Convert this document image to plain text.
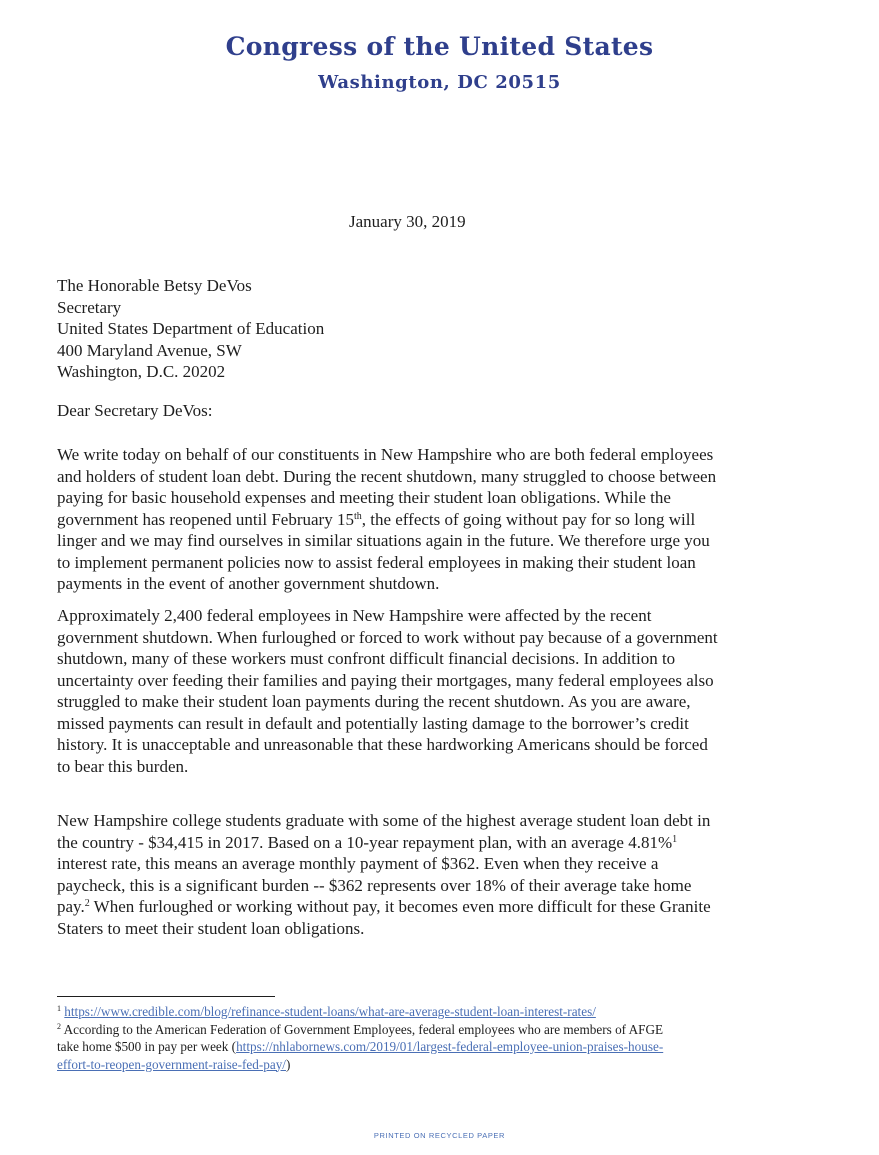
Congress of the United States
Washington, DC 20515
January 30, 2019
The Honorable Betsy DeVos
Secretary
United States Department of Education
400 Maryland Avenue, SW
Washington, D.C. 20202
Dear Secretary DeVos:
We write today on behalf of our constituents in New Hampshire who are both federal employees
and holders of student loan debt. During the recent shutdown, many struggled to choose between
paying for basic household expenses and meeting their student loan obligations. While the
government has reopened until February 15th, the effects of going without pay for so long will
linger and we may find ourselves in similar situations again in the future. We therefore urge you
to implement permanent policies now to assist federal employees in making their student loan
payments in the event of another government shutdown.
Approximately 2,400 federal employees in New Hampshire were affected by the recent
government shutdown. When furloughed or forced to work without pay because of a government
shutdown, many of these workers must confront difficult financial decisions. In addition to
uncertainty over feeding their families and paying their mortgages, many federal employees also
struggled to make their student loan payments during the recent shutdown. As you are aware,
missed payments can result in default and potentially lasting damage to the borrower’s credit
history. It is unacceptable and unreasonable that these hardworking Americans should be forced
to bear this burden.
New Hampshire college students graduate with some of the highest average student loan debt in
the country - $34,415 in 2017. Based on a 10-year repayment plan, with an average 4.81%$^1$
interest rate, this means an average monthly payment of $362. Even when they receive a
paycheck, this is a significant burden -- $362 represents over 18% of their average take home
pay.$^2$ When furloughed or working without pay, it becomes even more difficult for these Granite
Staters to meet their student loan obligations.
$^1$ https://www.credible.com/blog/refinance-student-loans/what-are-average-student-loan-interest-rates/
$^2$ According to the American Federation of Government Employees, federal employees who are members of AFGE
take home $500 in pay per week (https://nhlabornews.com/2019/01/largest-federal-employee-union-praises-house-
effort-to-reopen-government-raise-fed-pay/)
PRINTED ON RECYCLED PAPER
